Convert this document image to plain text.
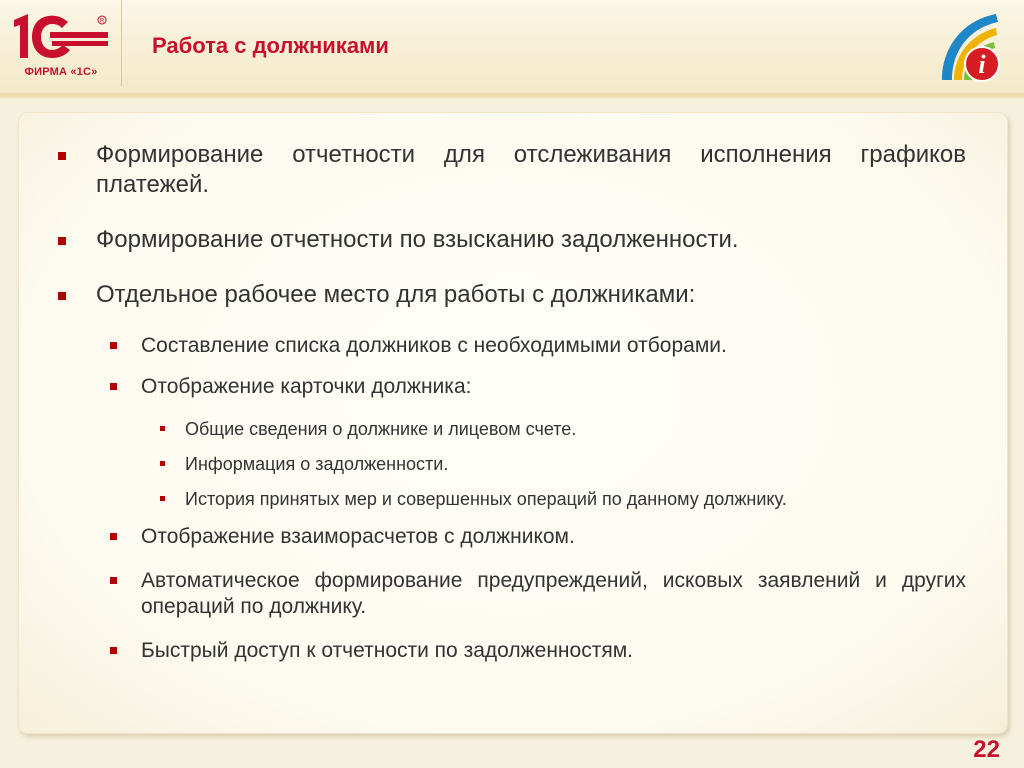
R
ФИРМА «1С»
Работа с должниками
i
Формирование отчетности для отслеживания исполнения графиков платежей.
Формирование отчетности по взысканию задолженности.
Отдельное рабочее место для работы с должниками:
Составление списка должников с необходимыми отборами.
Отображение карточки должника:
Общие сведения о должнике и лицевом счете.
Информация о задолженности.
История принятых мер и совершенных операций по данному должнику.
Отображение взаиморасчетов с должником.
Автоматическое формирование предупреждений, исковых заявлений и других операций по должнику.
Быстрый доступ к отчетности по задолженностям.
22
